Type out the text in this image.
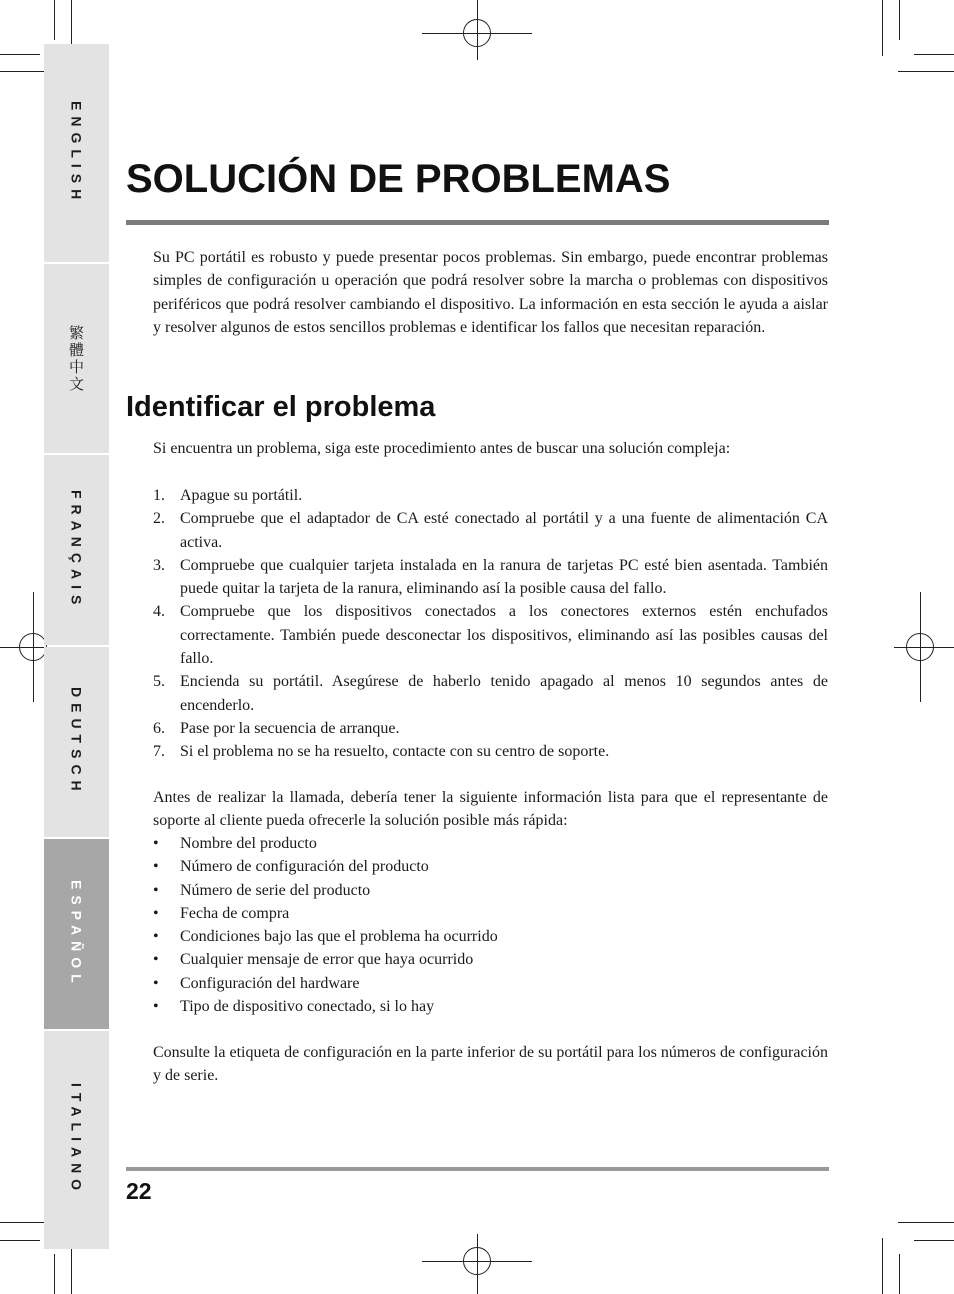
ENGLISH
繁體中文
FRANÇAIS
DEUTSCH
ESPAÑOL
ITALIANO
SOLUCIÓN DE PROBLEMAS

Su PC portátil es robusto y puede presentar pocos problemas. Sin embargo, puede encontrar problemas simples de configuración u operación que podrá resolver sobre la marcha o problemas con dispositivos periféricos que podrá resolver cambiando el dispositivo. La información en esta sección le ayuda a aislar y resolver algunos de estos sencillos problemas e identificar los fallos que necesitan reparación.

Identificar el problema

Si encuentra un problema, siga este procedimiento antes de buscar una solución compleja:

1. Apague su portátil.
2. Compruebe que el adaptador de CA esté conectado al portátil y a una fuente de alimentación CA activa.
3. Compruebe que cualquier tarjeta instalada en la ranura de tarjetas PC esté bien asentada. También puede quitar la tarjeta de la ranura, eliminando así la posible causa del fallo.
4. Compruebe que los dispositivos conectados a los conectores externos estén enchufados correctamente. También puede desconectar los dispositivos, eliminando así las posibles causas del fallo.
5. Encienda su portátil. Asegúrese de haberlo tenido apagado al menos 10 segundos antes de encenderlo.
6. Pase por la secuencia de arranque.
7. Si el problema no se ha resuelto, contacte con su centro de soporte.

Antes de realizar la llamada, debería tener la siguiente información lista para que el representante de soporte al cliente pueda ofrecerle la solución posible más rápida:

•	Nombre del producto
•	Número de configuración del producto
•	Número de serie del producto
•	Fecha de compra
•	Condiciones bajo las que el problema ha ocurrido
•	Cualquier mensaje de error que haya ocurrido
•	Configuración del hardware
•	Tipo de dispositivo conectado, si lo hay

Consulte la etiqueta de configuración en la parte inferior de su portátil para los números de configuración y de serie.

22
